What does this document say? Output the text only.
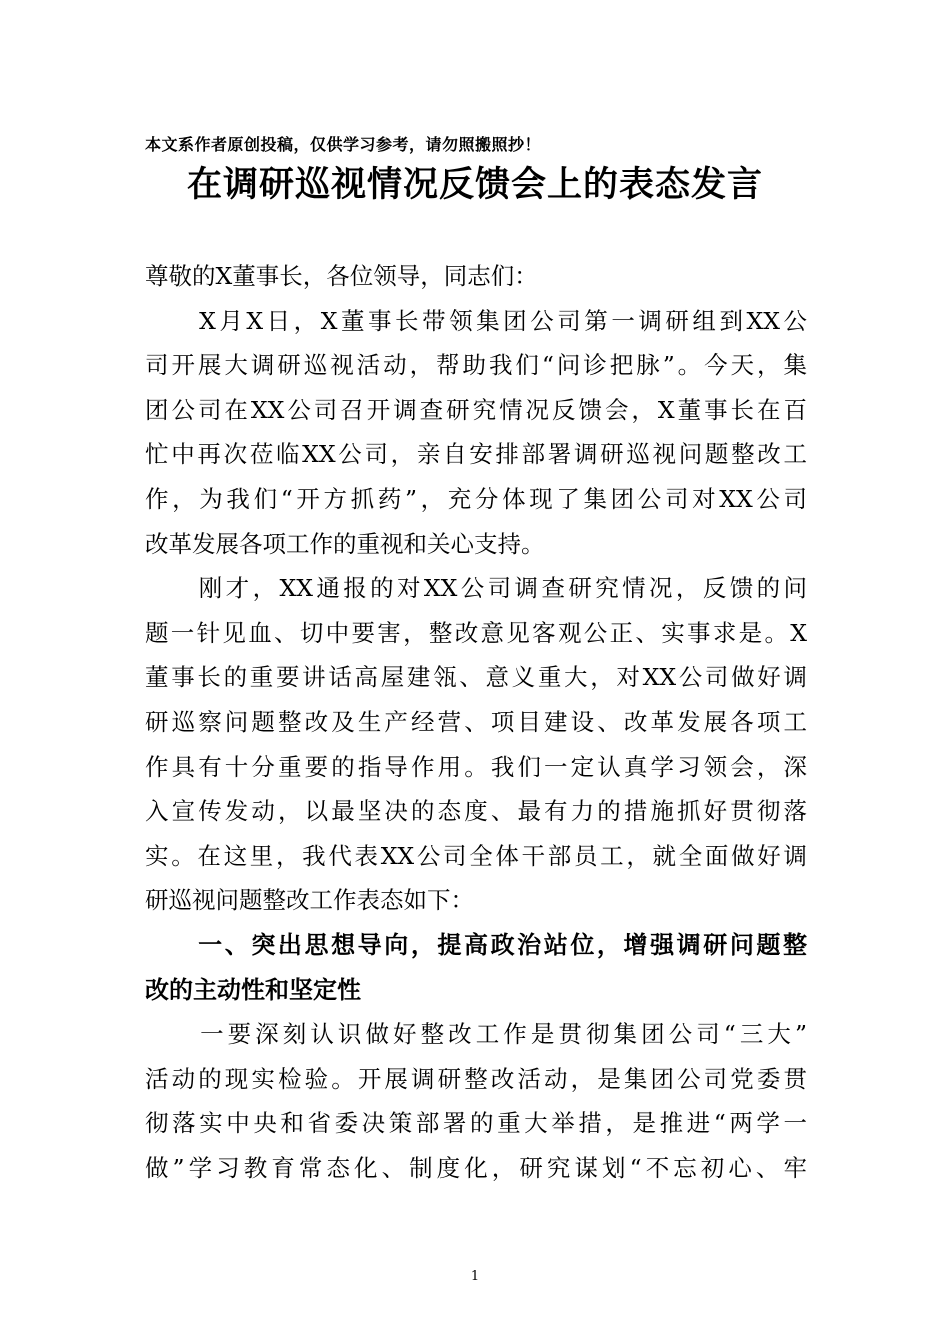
本文系作者原创投稿，仅供学习参考，请勿照搬照抄！
在调研巡视情况反馈会上的表态发言
尊敬的X董事长，各位领导，同志们：
　　X月X日，X董事长带领集团公司第一调研组到XX公
司开展大调研巡视活动，帮助我们“问诊把脉”。今天，集
团公司在XX公司召开调查研究情况反馈会，X董事长在百
忙中再次莅临XX公司，亲自安排部署调研巡视问题整改工
作，为我们“开方抓药”，充分体现了集团公司对XX公司
改革发展各项工作的重视和关心支持。
　　刚才，XX通报的对XX公司调查研究情况，反馈的问
题一针见血、切中要害，整改意见客观公正、实事求是。X
董事长的重要讲话高屋建瓴、意义重大，对XX公司做好调
研巡察问题整改及生产经营、项目建设、改革发展各项工
作具有十分重要的指导作用。我们一定认真学习领会，深
入宣传发动，以最坚决的态度、最有力的措施抓好贯彻落
实。在这里，我代表XX公司全体干部员工，就全面做好调
研巡视问题整改工作表态如下：
　　一、突出思想导向，提高政治站位，增强调研问题整
改的主动性和坚定性
　　一要深刻认识做好整改工作是贯彻集团公司“三大”
活动的现实检验。开展调研整改活动，是集团公司党委贯
彻落实中央和省委决策部署的重大举措，是推进“两学一
做”学习教育常态化、制度化，研究谋划“不忘初心、牢
1
